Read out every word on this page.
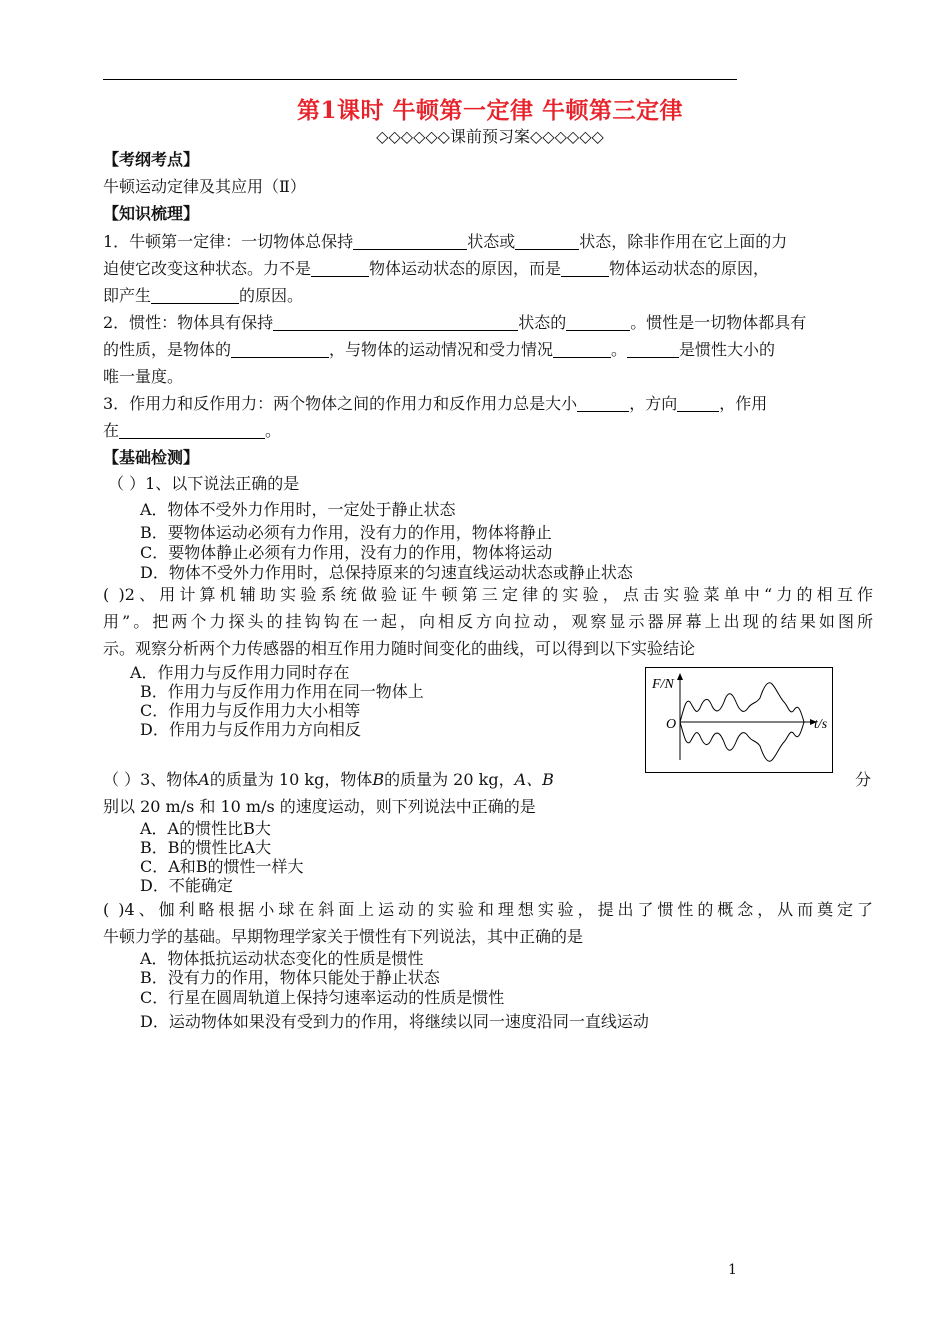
第1课时 牛顿第一定律 牛顿第三定律
◇◇◇◇◇◇课前预习案◇◇◇◇◇◇
【考纲考点】
牛顿运动定律及其应用（Ⅱ）
【知识梳理】
1．牛顿第一定律：一切物体总保持	状态或	状态，除非作用在它上面的力
迫使它改变这种状态。力不是	物体运动状态的原因，而是	物体运动状态的原因，
即产生	的原因。
2．惯性：物体具有保持	状态的	。惯性是一切物体都具有
的性质，是物体的	，与物体的运动情况和受力情况	。	是惯性大小的
唯一量度。
3．作用力和反作用力：两个物体之间的作用力和反作用力总是大小	，方向	，作用
在	。
【基础检测】
（ ）1、以下说法正确的是
A．物体不受外力作用时，一定处于静止状态
B．要物体运动必须有力作用，没有力的作用，物体将静止
C．要物体静止必须有力作用，没有力的作用，物体将运动
D．物体不受外力作用时，总保持原来的匀速直线运动状态或静止状态
( )2、用计算机辅助实验系统做验证牛顿第三定律的实验，点击实验菜单中“力的相互作
用”。把两个力探头的挂钩钩在一起，向相反方向拉动，观察显示器屏幕上出现的结果如图所
示。观察分析两个力传感器的相互作用力随时间变化的曲线，可以得到以下实验结论
A．作用力与反作用力同时存在
B．作用力与反作用力作用在同一物体上
C．作用力与反作用力大小相等
D．作用力与反作用力方向相反
F/N
O	t/s
（ ）3、物体A的质量为 10 kg，物体B的质量为 20 kg，A、B	分
别以 20 m/s 和 10 m/s 的速度运动，则下列说法中正确的是
A．A的惯性比B大
B．B的惯性比A大
C．A和B的惯性一样大
D．不能确定
( )4、伽利略根据小球在斜面上运动的实验和理想实验，提出了惯性的概念，从而奠定了
牛顿力学的基础。早期物理学家关于惯性有下列说法，其中正确的是
A．物体抵抗运动状态变化的性质是惯性
B．没有力的作用，物体只能处于静止状态
C．行星在圆周轨道上保持匀速率运动的性质是惯性
D．运动物体如果没有受到力的作用，将继续以同一速度沿同一直线运动
1
